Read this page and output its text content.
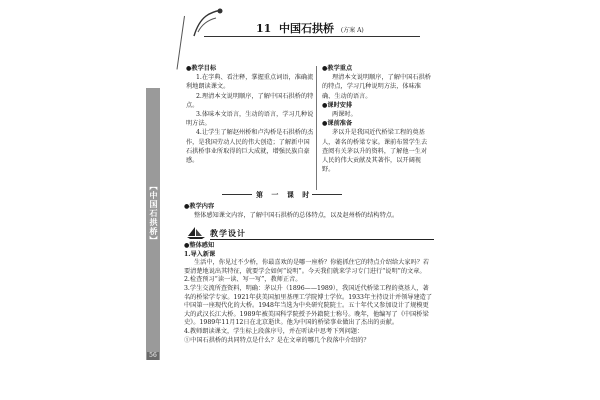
【中国石拱桥】
56
11 中国石拱桥 (方案 A)
●教学目标
1.在字典、看注释，掌握重点词语，准确流利地朗读课文。
2.理清本文说明顺序，了解中国石拱桥的特点。
3.体味本文语言，生动的语言，学习几种说明方法。
4.让学生了解赵州桥和卢沟桥是石拱桥的杰作，是我国劳动人民的伟大创造；了解新中国石拱桥事业所取得的巨大成就，增强民族自豪感。
●教学重点
理清本文说明顺序，了解中国石拱桥的特点，学习几种说明方法，体味准确、生动的语言。
●课时安排
两课时。
●课前准备
茅以升是我国近代桥梁工程的奠基人，著名的桥梁专家。课前布置学生去查阅有关茅以升的资料，了解他一生对人民的伟大贡献及其著作，以开阔视野。
第 一 课 时
●教学内容
整体感知课文内容，了解中国石拱桥的总体特点，以及赵州桥的结构特点。
教学设计
●整体感知
1.导入新课
生活中，你见过不少桥，你最喜欢的是哪一座桥？你能抓住它的特点介绍给大家吗？若要清楚地说出其特征，就要学会如何“说明”。今天我们就来学习专门进行“说明”的文章。
2.检查预习“读一读、写一写”，教师正音。
3.学生交流所查资料，明确：茅以升（1896——1989），我国近代桥梁工程的奠基人，著名的桥梁学专家。1921年获美国加里基理工学院博士学位。1933年主持设计并领导建造了中国第一座现代化的大桥。1948年当选为中央研究院院士。五十年代又参加设计了规模更大的武汉长江大桥。1989年被美国科学院授予外籍院士称号。晚年，他编写了《中国桥梁史》。1989年11月12日在北京逝世。他为中国的桥梁事业做出了杰出的贡献。
4.教师朗读课文，学生标上段落序号，并在听读中思考下列问题：
①中国石拱桥的共同特点是什么？是在文章的哪几个段落中介绍的？
